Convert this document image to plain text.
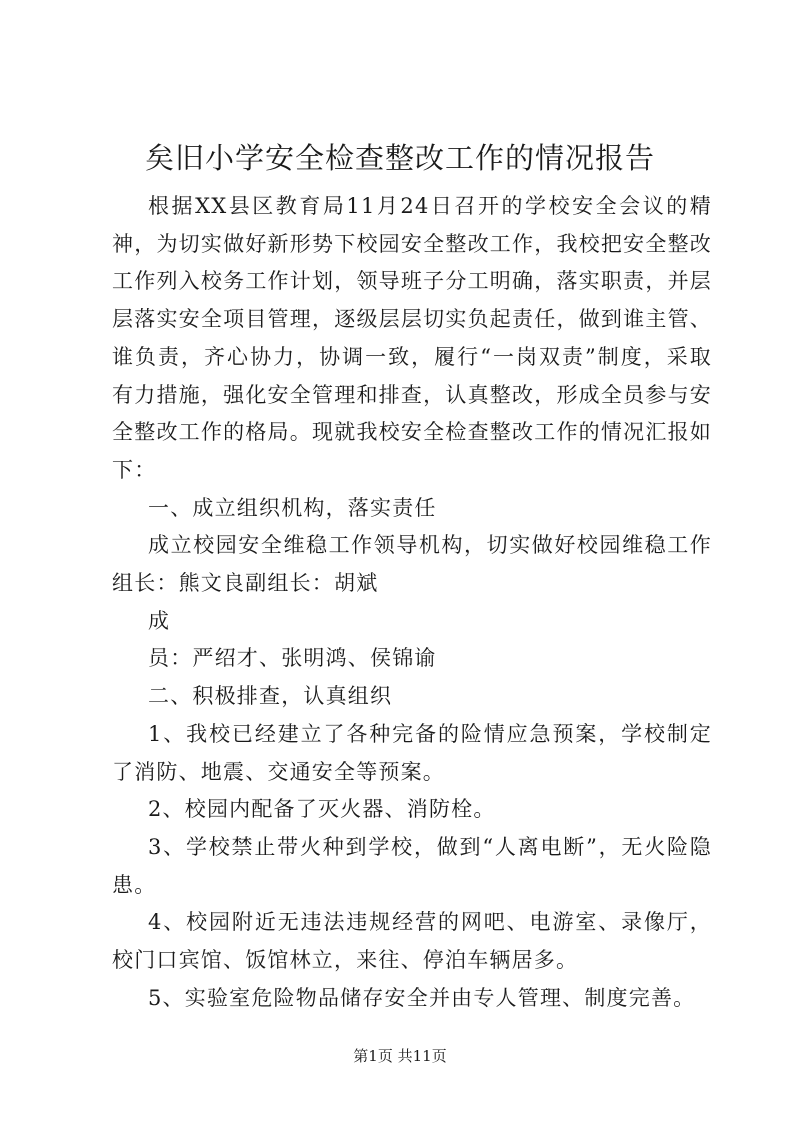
矣旧小学安全检查整改工作的情况报告

根据XX县区教育局11月24日召开的学校安全会议的精神，为切实做好新形势下校园安全整改工作，我校把安全整改工作列入校务工作计划，领导班子分工明确，落实职责，并层层落实安全项目管理，逐级层层切实负起责任，做到谁主管、谁负责，齐心协力，协调一致，履行“一岗双责”制度，采取有力措施，强化安全管理和排查，认真整改，形成全员参与安全整改工作的格局。现就我校安全检查整改工作的情况汇报如下：

一、成立组织机构，落实责任

成立校园安全维稳工作领导机构，切实做好校园维稳工作组长：熊文良副组长：胡斌

成

员：严绍才、张明鸿、侯锦谕

二、积极排查，认真组织

1、我校已经建立了各种完备的险情应急预案，学校制定了消防、地震、交通安全等预案。

2、校园内配备了灭火器、消防栓。

3、学校禁止带火种到学校，做到“人离电断”，无火险隐患。

4、校园附近无违法违规经营的网吧、电游室、录像厅，校门口宾馆、饭馆林立，来往、停泊车辆居多。

5、实验室危险物品储存安全并由专人管理、制度完善。

第1页 共11页
